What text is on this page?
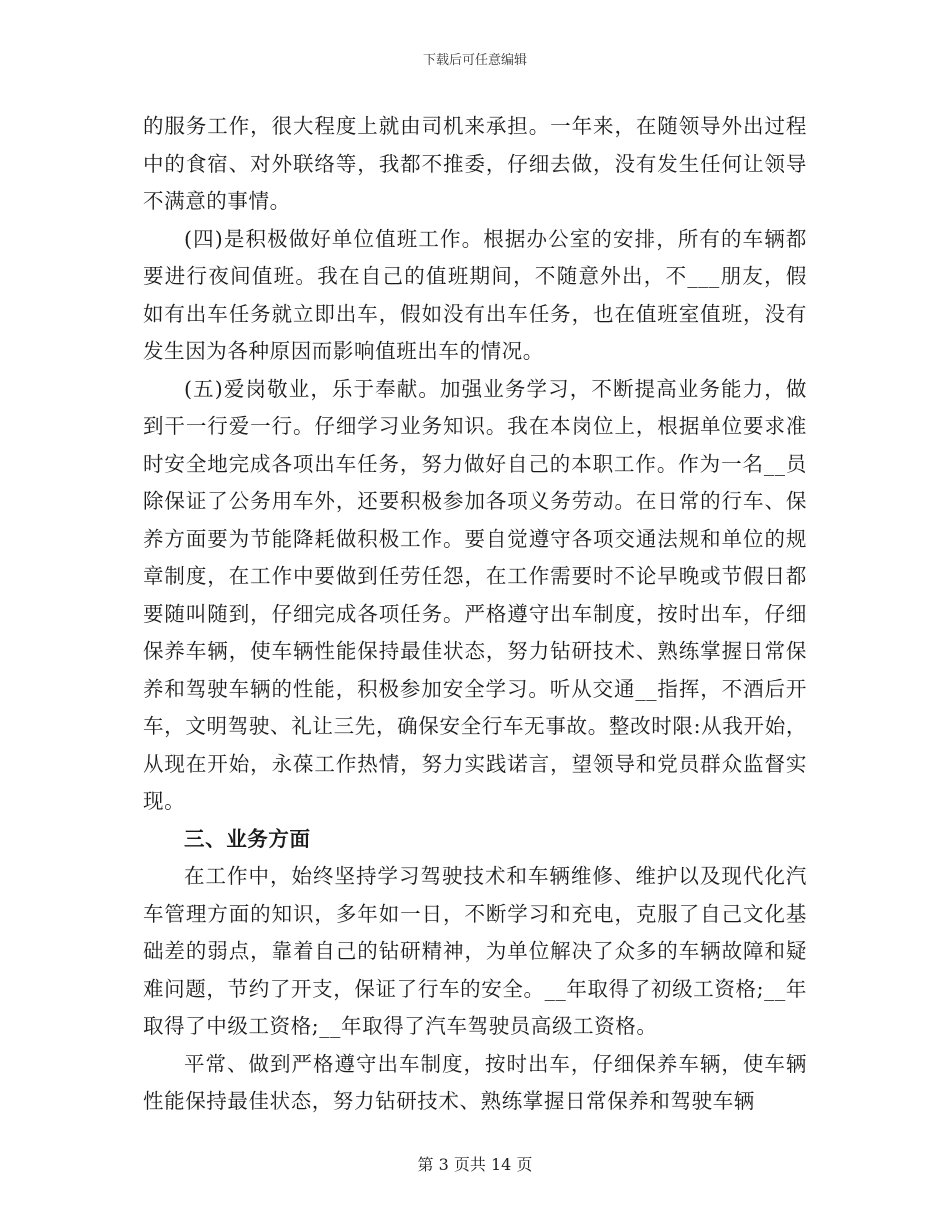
下载后可任意编辑

的服务工作，很大程度上就由司机来承担。一年来，在随领导外出过程中的食宿、对外联络等，我都不推委，仔细去做，没有发生任何让领导不满意的事情。

(四)是积极做好单位值班工作。根据办公室的安排，所有的车辆都要进行夜间值班。我在自己的值班期间，不随意外出，不___朋友，假如有出车任务就立即出车，假如没有出车任务，也在值班室值班，没有发生因为各种原因而影响值班出车的情况。

(五)爱岗敬业，乐于奉献。加强业务学习，不断提高业务能力，做到干一行爱一行。仔细学习业务知识。我在本岗位上，根据单位要求准时安全地完成各项出车任务，努力做好自己的本职工作。作为一名__员除保证了公务用车外，还要积极参加各项义务劳动。在日常的行车、保养方面要为节能降耗做积极工作。要自觉遵守各项交通法规和单位的规章制度，在工作中要做到任劳任怨，在工作需要时不论早晚或节假日都要随叫随到，仔细完成各项任务。严格遵守出车制度，按时出车，仔细保养车辆，使车辆性能保持最佳状态，努力钻研技术、熟练掌握日常保养和驾驶车辆的性能，积极参加安全学习。听从交通__指挥，不酒后开车，文明驾驶、礼让三先，确保安全行车无事故。整改时限:从我开始，从现在开始，永葆工作热情，努力实践诺言，望领导和党员群众监督实现。

三、业务方面

在工作中，始终坚持学习驾驶技术和车辆维修、维护以及现代化汽车管理方面的知识，多年如一日，不断学习和充电，克服了自己文化基础差的弱点，靠着自己的钻研精神，为单位解决了众多的车辆故障和疑难问题，节约了开支，保证了行车的安全。__年取得了初级工资格;__年取得了中级工资格;__年取得了汽车驾驶员高级工资格。

平常、做到严格遵守出车制度，按时出车，仔细保养车辆，使车辆性能保持最佳状态，努力钻研技术、熟练掌握日常保养和驾驶车辆

第 3 页共 14 页
